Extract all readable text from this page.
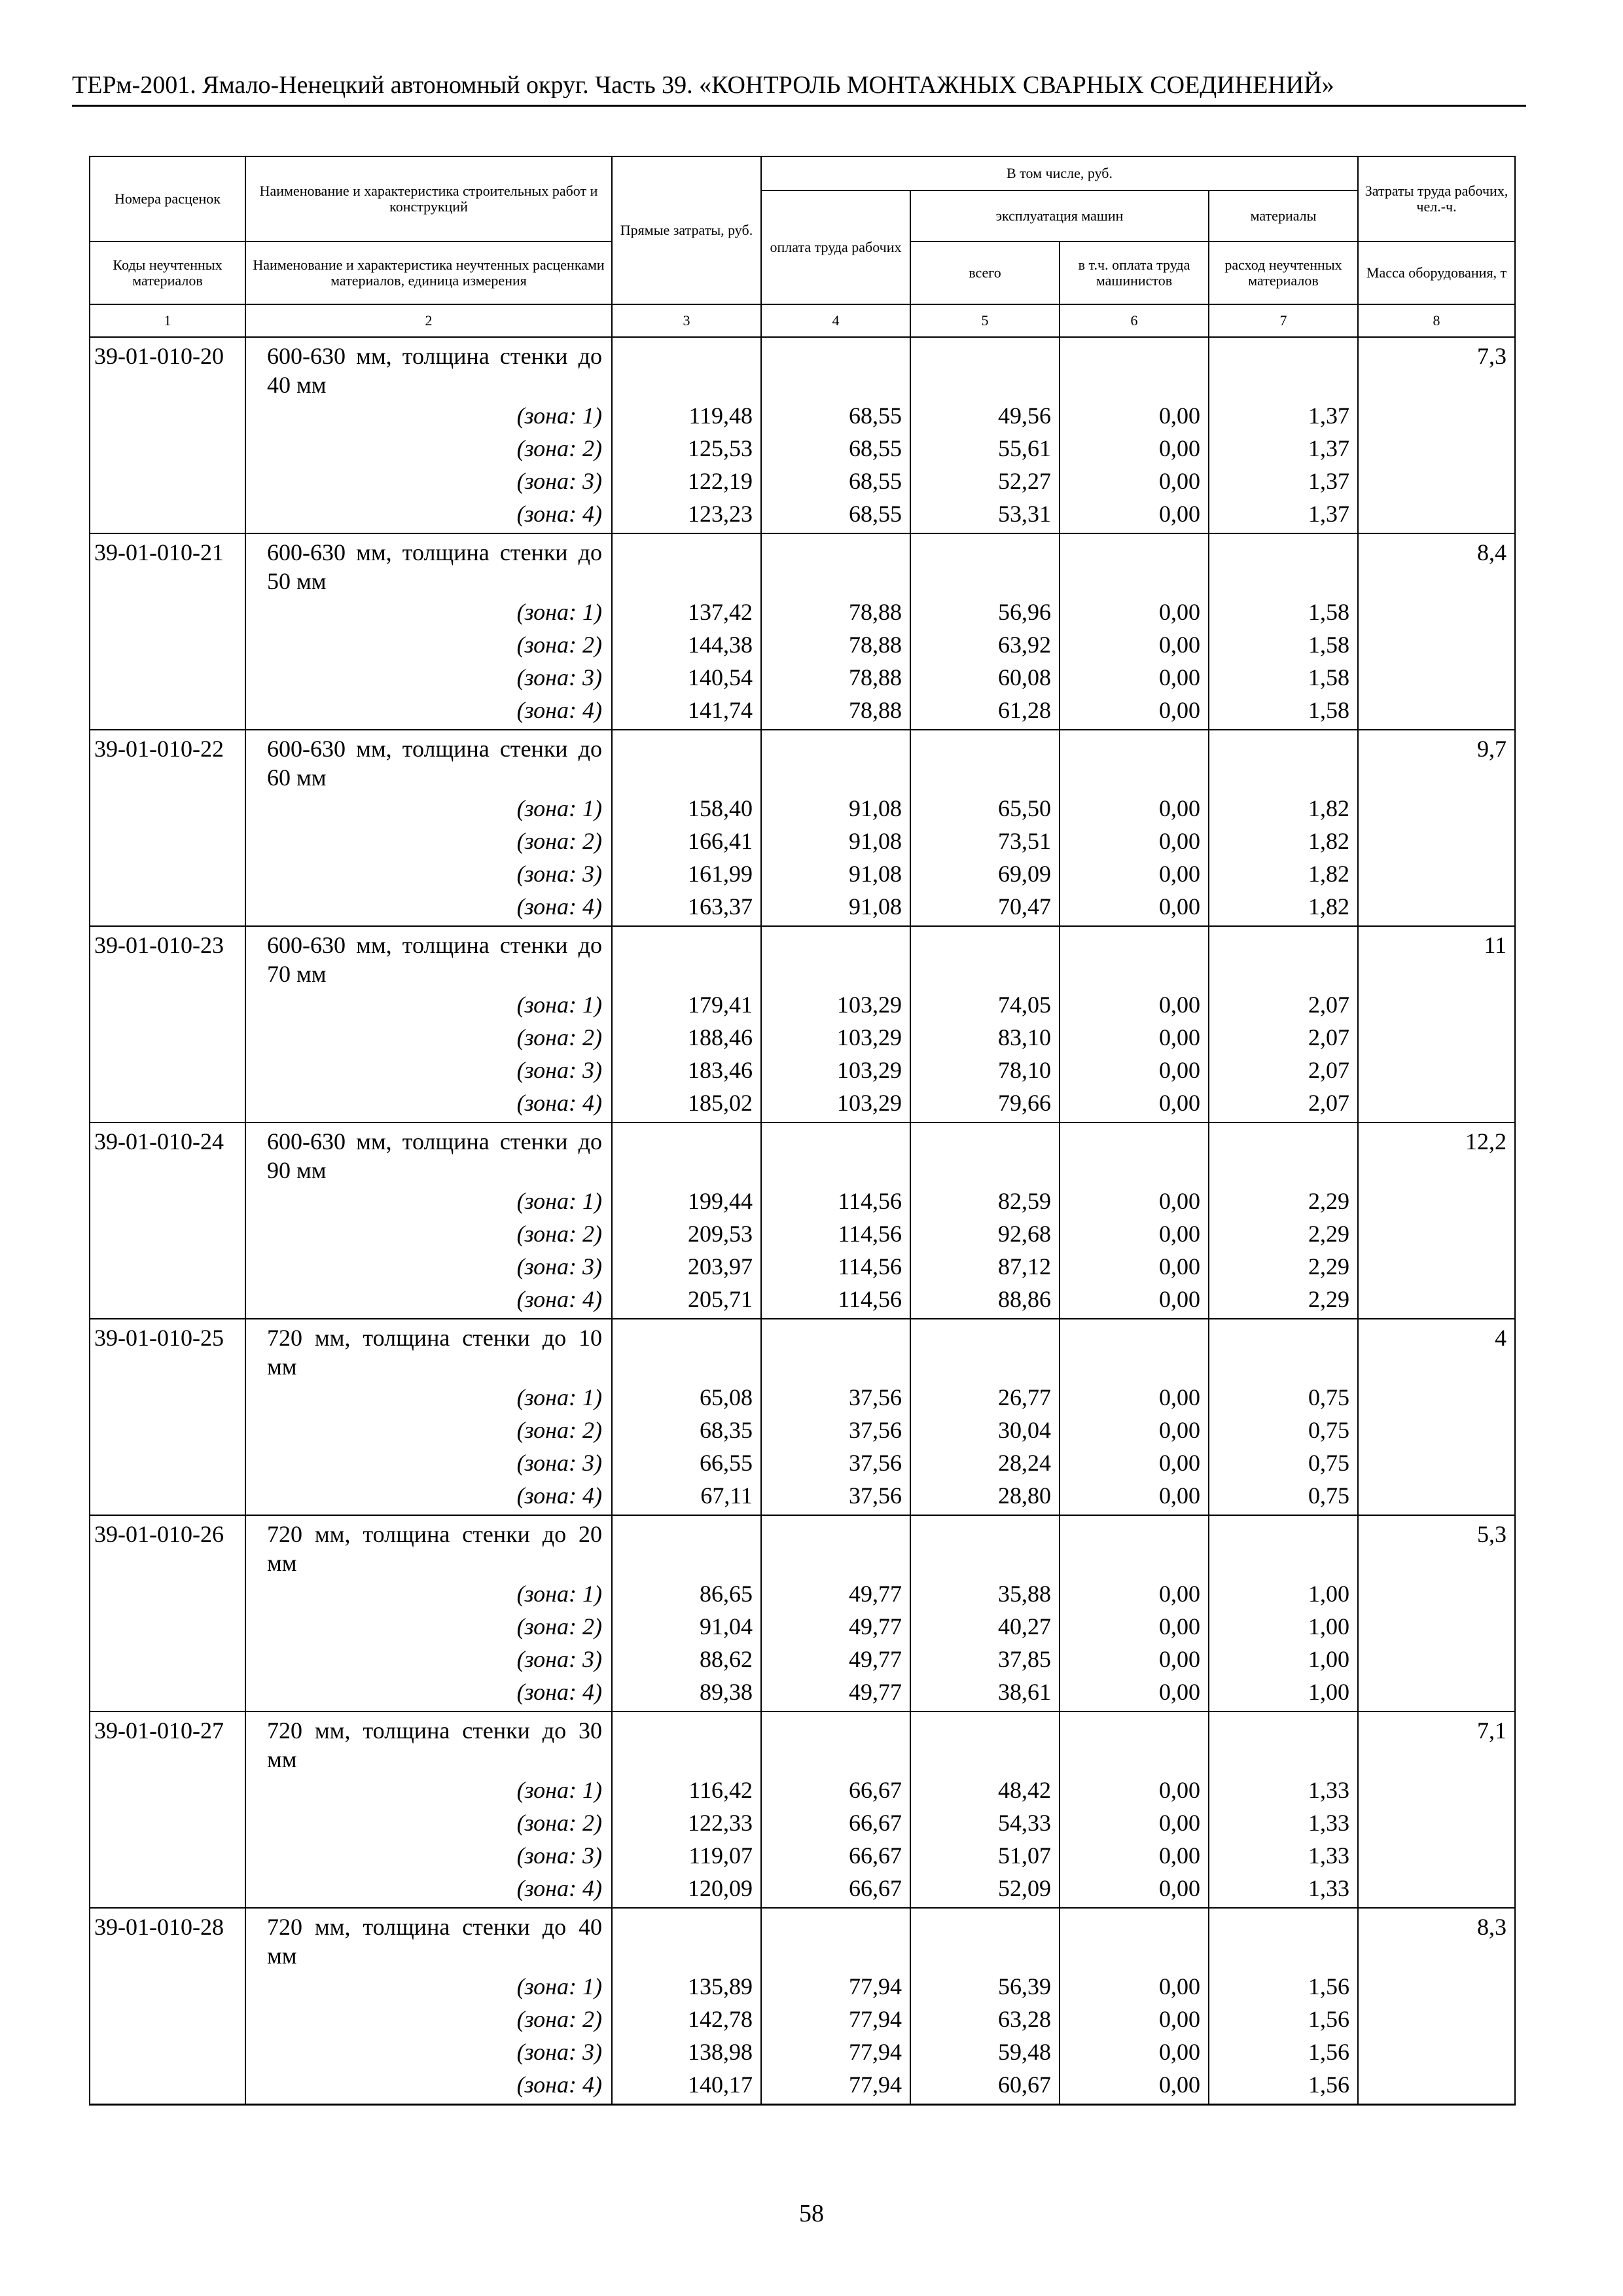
ТЕРм-2001. Ямало-Ненецкий автономный округ. Часть 39. «КОНТРОЛЬ МОНТАЖНЫХ СВАРНЫХ СОЕДИНЕНИЙ»
Номера расценок	Наименование и характеристика строительных работ и конструкций	Прямые затраты, руб.	В том числе, руб.				Затраты труда рабочих, чел.-ч.
			оплата труда рабочих	эксплуатация машин		материалы	
Коды неучтенных материалов	Наименование и характеристика неучтенных расценками материалов, единица измерения			всего	в т.ч. оплата труда машинистов	расход неучтенных материалов	Масса оборудования, т
1	2	3	4	5	6	7	8
39-01-010-20	600-630 мм, толщина стенки до 40 мм						7,3
	(зона: 1)	119,48	68,55	49,56	0,00	1,37	
	(зона: 2)	125,53	68,55	55,61	0,00	1,37	
	(зона: 3)	122,19	68,55	52,27	0,00	1,37	
	(зона: 4)	123,23	68,55	53,31	0,00	1,37	
39-01-010-21	600-630 мм, толщина стенки до 50 мм						8,4
	(зона: 1)	137,42	78,88	56,96	0,00	1,58	
	(зона: 2)	144,38	78,88	63,92	0,00	1,58	
	(зона: 3)	140,54	78,88	60,08	0,00	1,58	
	(зона: 4)	141,74	78,88	61,28	0,00	1,58	
39-01-010-22	600-630 мм, толщина стенки до 60 мм						9,7
	(зона: 1)	158,40	91,08	65,50	0,00	1,82	
	(зона: 2)	166,41	91,08	73,51	0,00	1,82	
	(зона: 3)	161,99	91,08	69,09	0,00	1,82	
	(зона: 4)	163,37	91,08	70,47	0,00	1,82	
39-01-010-23	600-630 мм, толщина стенки до 70 мм						11
	(зона: 1)	179,41	103,29	74,05	0,00	2,07	
	(зона: 2)	188,46	103,29	83,10	0,00	2,07	
	(зона: 3)	183,46	103,29	78,10	0,00	2,07	
	(зона: 4)	185,02	103,29	79,66	0,00	2,07	
39-01-010-24	600-630 мм, толщина стенки до 90 мм						12,2
	(зона: 1)	199,44	114,56	82,59	0,00	2,29	
	(зона: 2)	209,53	114,56	92,68	0,00	2,29	
	(зона: 3)	203,97	114,56	87,12	0,00	2,29	
	(зона: 4)	205,71	114,56	88,86	0,00	2,29	
39-01-010-25	720 мм, толщина стенки до 10 мм						4
	(зона: 1)	65,08	37,56	26,77	0,00	0,75	
	(зона: 2)	68,35	37,56	30,04	0,00	0,75	
	(зона: 3)	66,55	37,56	28,24	0,00	0,75	
	(зона: 4)	67,11	37,56	28,80	0,00	0,75	
39-01-010-26	720 мм, толщина стенки до 20 мм						5,3
	(зона: 1)	86,65	49,77	35,88	0,00	1,00	
	(зона: 2)	91,04	49,77	40,27	0,00	1,00	
	(зона: 3)	88,62	49,77	37,85	0,00	1,00	
	(зона: 4)	89,38	49,77	38,61	0,00	1,00	
39-01-010-27	720 мм, толщина стенки до 30 мм						7,1
	(зона: 1)	116,42	66,67	48,42	0,00	1,33	
	(зона: 2)	122,33	66,67	54,33	0,00	1,33	
	(зона: 3)	119,07	66,67	51,07	0,00	1,33	
	(зона: 4)	120,09	66,67	52,09	0,00	1,33	
39-01-010-28	720 мм, толщина стенки до 40 мм						8,3
	(зона: 1)	135,89	77,94	56,39	0,00	1,56	
	(зона: 2)	142,78	77,94	63,28	0,00	1,56	
	(зона: 3)	138,98	77,94	59,48	0,00	1,56	
	(зона: 4)	140,17	77,94	60,67	0,00	1,56	
58
